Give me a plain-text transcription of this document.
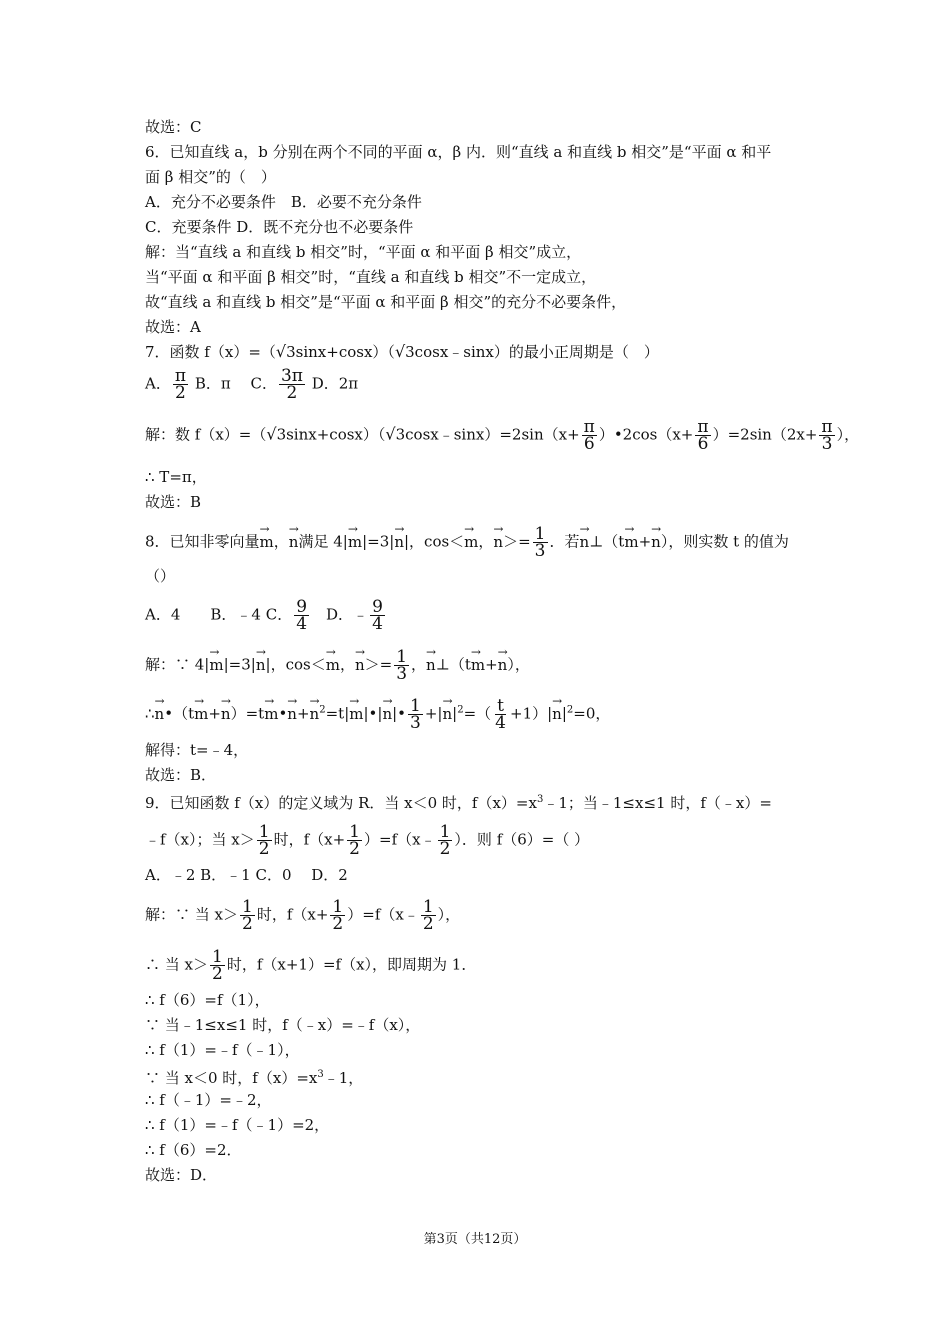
故选：C
6．已知直线 a，b 分别在两个不同的平面 α，β 内．则“直线 a 和直线 b 相交”是“平面 α 和平
面 β 相交”的（　）
A．充分不必要条件　B．必要不充分条件
C．充要条件 D．既不充分也不必要条件
解：当“直线 a 和直线 b 相交”时，“平面 α 和平面 β 相交”成立，
当“平面 α 和平面 β 相交”时，“直线 a 和直线 b 相交”不一定成立，
故“直线 a 和直线 b 相交”是“平面 α 和平面 β 相交”的充分不必要条件，
故选：A
7．函数 f（x）=（√3sinx+cosx）（√3cosx﹣sinx）的最小正周期是（　）
A． $\frac{\pi}{2}$ B．π　 C． $\frac{3\pi}{2}$ D．2π
解：数 f（x）=（√3sinx+cosx）（√3cosx﹣sinx）=2sin（x+ $\frac{\pi}{6}$ ）•2cos（x+ $\frac{\pi}{6} )=2\sin(2x+ \frac{\pi}{3}$ ），
∴ T=π，
故选：B
8．已知非零向量→ m，→ n满足 4|→ m|=3|→ n|，cos＜→ m，→ $n>= \frac{1}{3}$ ．若→ n⊥（t→ m+→ n），则实数 t 的值为
（）
A．4　　B．﹣4 C． $\frac{9}{4}$ 　D．﹣ $\frac{9}{4}$
解：∵ 4|→ m|=3|→ n|，cos＜→ m，→ $n>= \frac{1}{3}$ ，→ n⊥（t→ m+→ n），
∴→ n•（t→ m+→ n）=t→ m•→ $n+\to n^2=t|\to$ m|•|→ n|• $\frac{1}{3}$ +|→ $n|^2=( \frac{t}{4} +1)|\to n|^2=0$，
解得：t=﹣4，
故选：B．
9．已知函数 f（x）的定义域为 R．当 x＜0 时，$f(x)=x^3﹣1$；当﹣1≤x≤1 时，f（﹣x）=
﹣f（x）；当 $x> \frac{1}{2}$ 时，$f(x+ \frac{1}{2}$ ）=f（x﹣ $\frac{1}{2}$ ）．则 f（6）=（ ）
A．﹣2 B．﹣1 C．0　 D．2
解：∵ 当 $x> \frac{1}{2}$ 时，$f(x+ \frac{1}{2}$ ）=f（x﹣ $\frac{1}{2}$ ），
∴ 当 $x> \frac{1}{2}$ 时，f（x+1）=f（x），即周期为 1．
∴ f（6）=f（1），
∵ 当﹣1≤x≤1 时，f（﹣x）=﹣f（x），
∴ f（1）=﹣f（﹣1），
∵ 当 x＜0 时，$f(x)=x^3﹣1$，
∴ f（﹣1）=﹣2，
∴ f（1）=﹣f（﹣1）=2，
∴ f（6）=2．
故选：D．
第3页（共12页）
